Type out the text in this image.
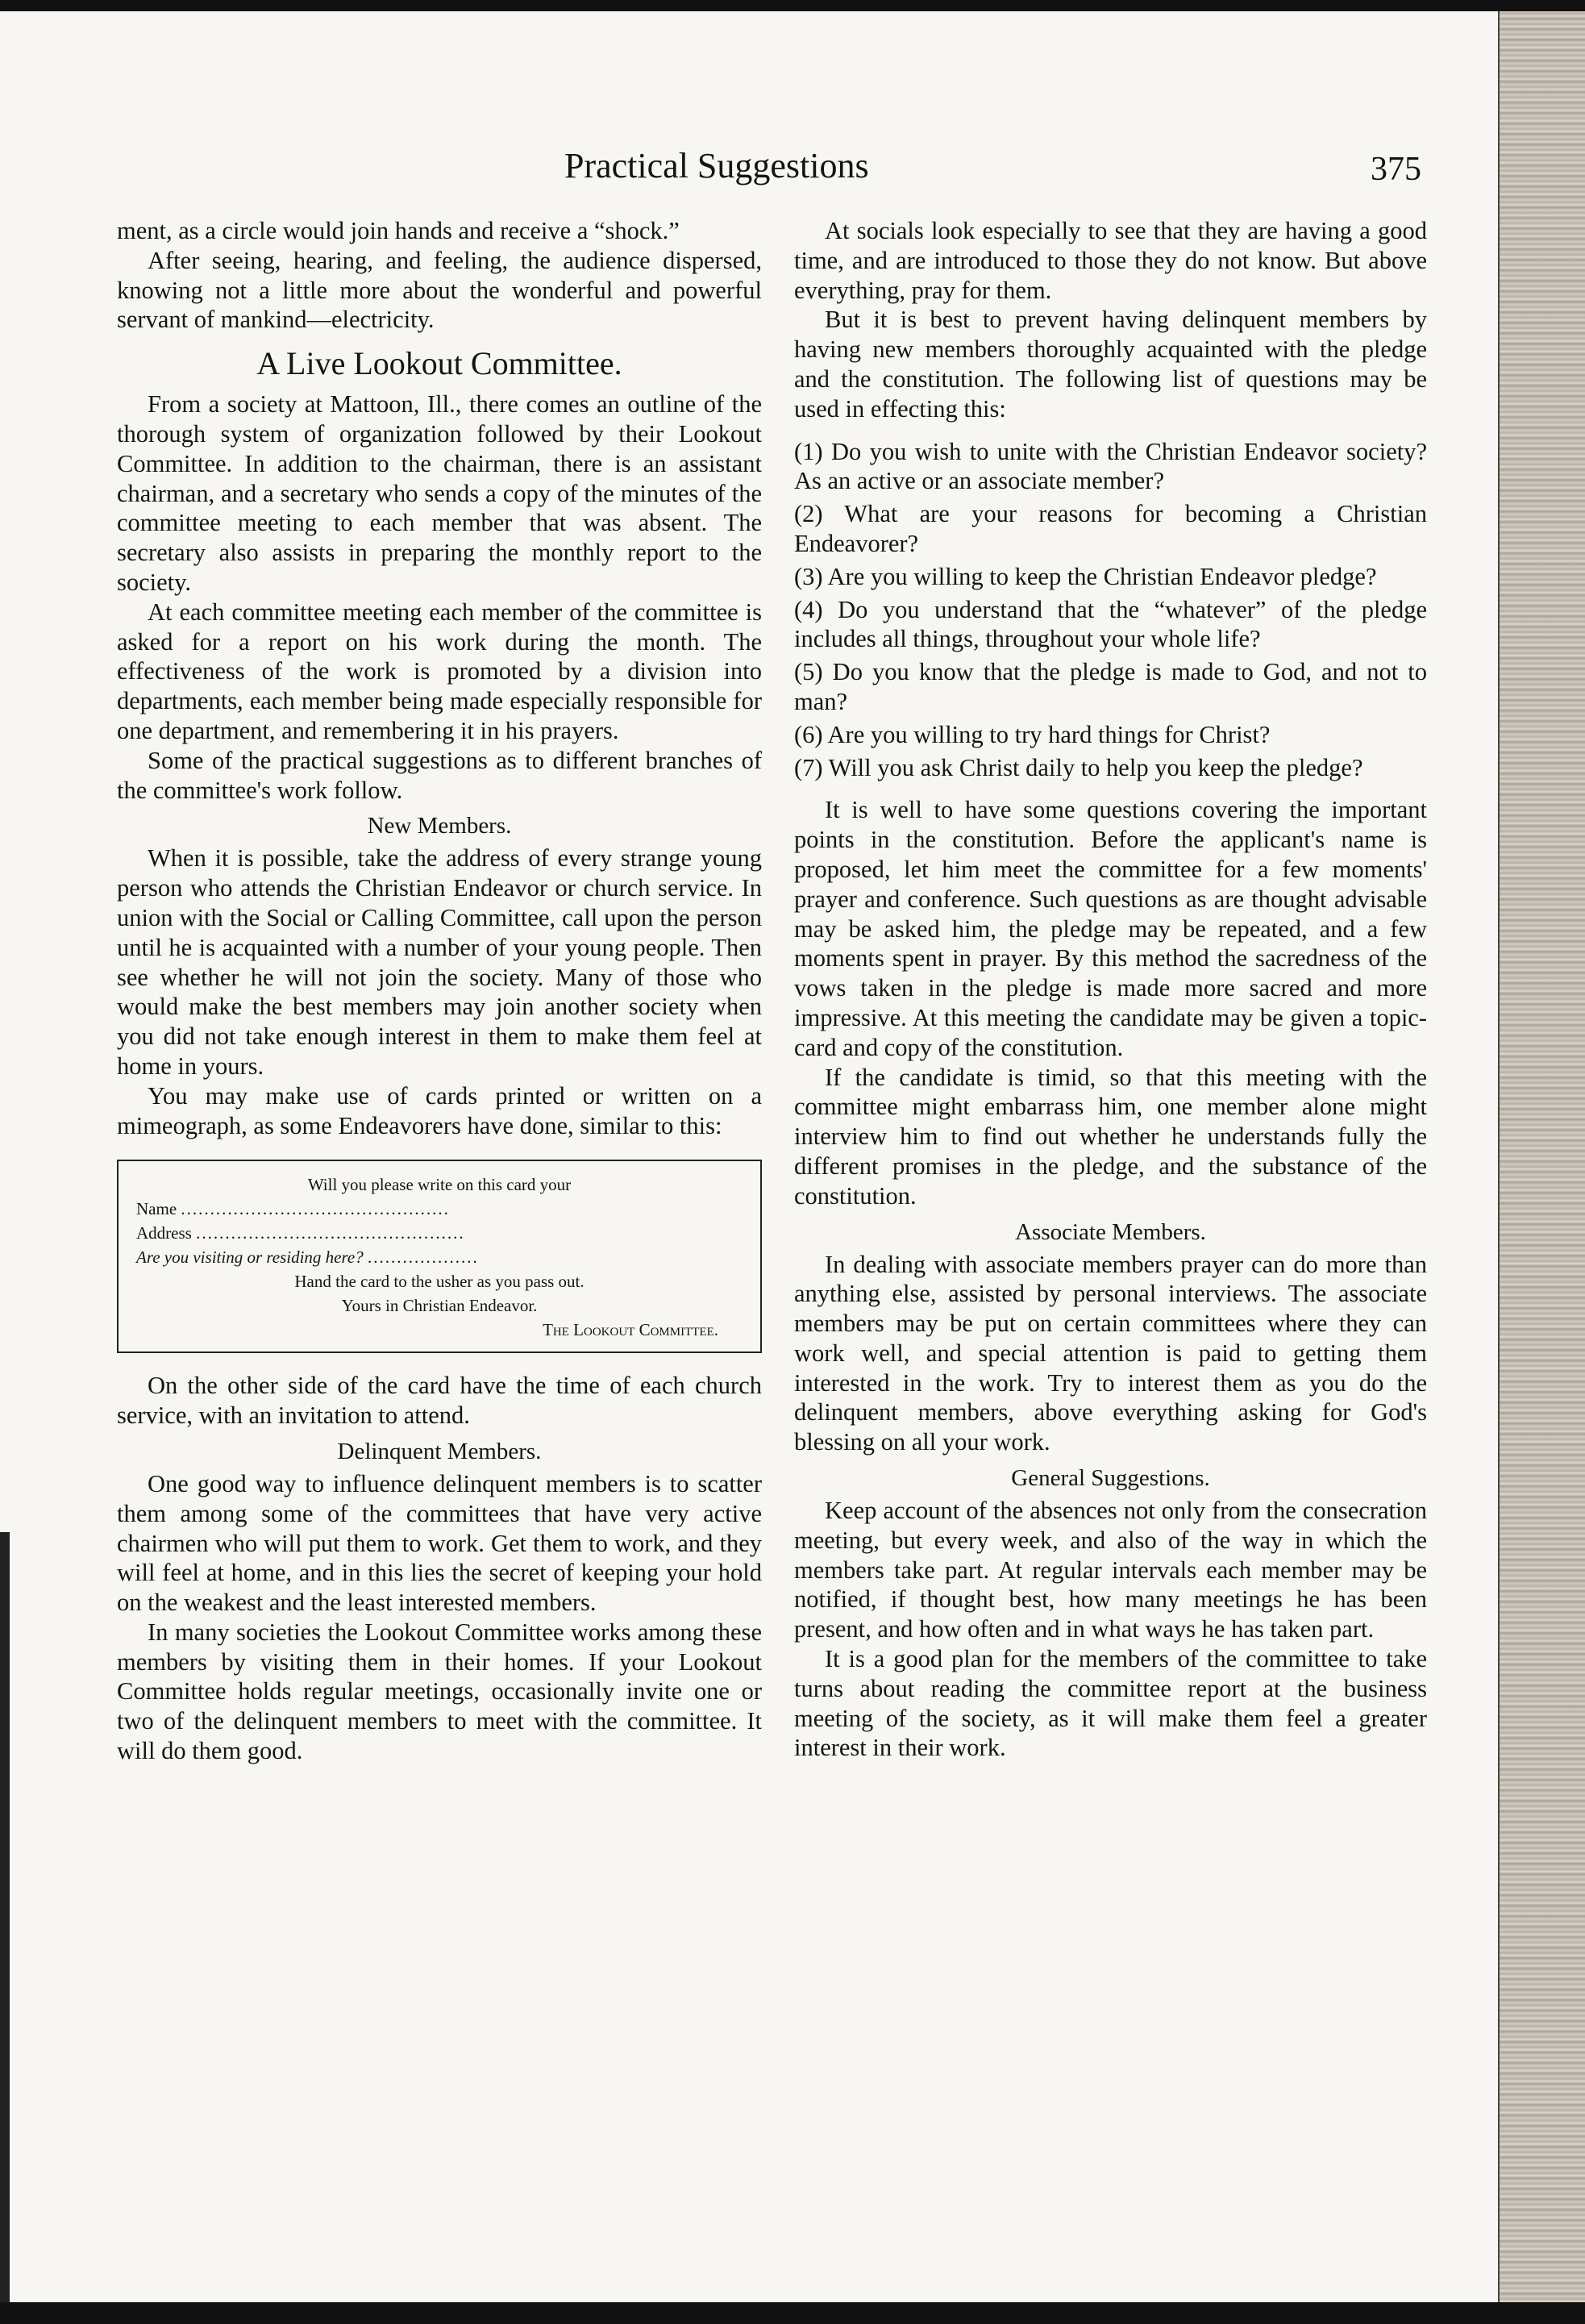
Practical Suggestions	375

ment, as a circle would join hands and receive a “shock.”

After seeing, hearing, and feeling, the audience dispersed, knowing not a little more about the wonderful and powerful servant of mankind—electricity.

A Live Lookout Committee.

From a society at Mattoon, Ill., there comes an outline of the thorough system of organization followed by their Lookout Committee. In addition to the chairman, there is an assistant chairman, and a secretary who sends a copy of the minutes of the committee meeting to each member that was absent. The secretary also assists in preparing the monthly report to the society.

At each committee meeting each member of the committee is asked for a report on his work during the month. The effectiveness of the work is promoted by a division into departments, each member being made especially responsible for one department, and remembering it in his prayers.

Some of the practical suggestions as to different branches of the committee's work follow.

New Members.

When it is possible, take the address of every strange young person who attends the Christian Endeavor or church service. In union with the Social or Calling Committee, call upon the person until he is acquainted with a number of your young people. Then see whether he will not join the society. Many of those who would make the best members may join another society when you did not take enough interest in them to make them feel at home in yours.

You may make use of cards printed or written on a mimeograph, as some Endeavorers have done, similar to this:

Will you please write on this card your
Name ..............................................
Address ..............................................
Are you visiting or residing here? ...................
Hand the card to the usher as you pass out.
Yours in Christian Endeavor.
The Lookout Committee.

On the other side of the card have the time of each church service, with an invitation to attend.

Delinquent Members.

One good way to influence delinquent members is to scatter them among some of the committees that have very active chairmen who will put them to work. Get them to work, and they will feel at home, and in this lies the secret of keeping your hold on the weakest and the least interested members.

In many societies the Lookout Committee works among these members by visiting them in their homes. If your Lookout Committee holds regular meetings, occasionally invite one or two of the delinquent members to meet with the committee. It will do them good.

At socials look especially to see that they are having a good time, and are introduced to those they do not know. But above everything, pray for them.

But it is best to prevent having delinquent members by having new members thoroughly acquainted with the pledge and the constitution. The following list of questions may be used in effecting this:

(1) Do you wish to unite with the Christian Endeavor society? As an active or an associate member?

(2) What are your reasons for becoming a Christian Endeavorer?

(3) Are you willing to keep the Christian Endeavor pledge?

(4) Do you understand that the “whatever” of the pledge includes all things, throughout your whole life?

(5) Do you know that the pledge is made to God, and not to man?

(6) Are you willing to try hard things for Christ?

(7) Will you ask Christ daily to help you keep the pledge?

It is well to have some questions covering the important points in the constitution. Before the applicant's name is proposed, let him meet the committee for a few moments' prayer and conference. Such questions as are thought advisable may be asked him, the pledge may be repeated, and a few moments spent in prayer. By this method the sacredness of the vows taken in the pledge is made more sacred and more impressive. At this meeting the candidate may be given a topic-card and copy of the constitution.

If the candidate is timid, so that this meeting with the committee might embarrass him, one member alone might interview him to find out whether he understands fully the different promises in the pledge, and the substance of the constitution.

Associate Members.

In dealing with associate members prayer can do more than anything else, assisted by personal interviews. The associate members may be put on certain committees where they can work well, and special attention is paid to getting them interested in the work. Try to interest them as you do the delinquent members, above everything asking for God's blessing on all your work.

General Suggestions.

Keep account of the absences not only from the consecration meeting, but every week, and also of the way in which the members take part. At regular intervals each member may be notified, if thought best, how many meetings he has been present, and how often and in what ways he has taken part.

It is a good plan for the members of the committee to take turns about reading the committee report at the business meeting of the society, as it will make them feel a greater interest in their work.
